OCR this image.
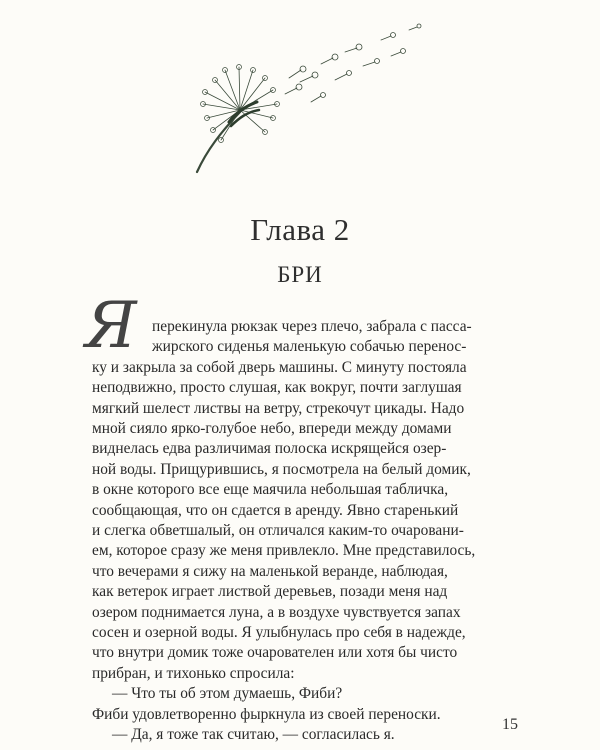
Глава 2
БРИ
Я перекинула рюкзак через плечо, забрала с пасса-
жирского сиденья маленькую собачью перенос-
ку и закрыла за собой дверь машины. С минуту постояла
неподвижно, просто слушая, как вокруг, почти заглушая
мягкий шелест листвы на ветру, стрекочут цикады. Надо
мной сияло ярко-голубое небо, впереди между домами
виднелась едва различимая полоска искрящейся озер-
ной воды. Прищурившись, я посмотрела на белый домик,
в окне которого все еще маячила небольшая табличка,
сообщающая, что он сдается в аренду. Явно старенький
и слегка обветшалый, он отличался каким-то очаровани-
ем, которое сразу же меня привлекло. Мне представилось,
что вечерами я сижу на маленькой веранде, наблюдая,
как ветерок играет листвой деревьев, позади меня над
озером поднимается луна, а в воздухе чувствуется запах
сосен и озерной воды. Я улыбнулась про себя в надежде,
что внутри домик тоже очарователен или хотя бы чисто
прибран, и тихонько спросила:
— Что ты об этом думаешь, Фиби?
Фиби удовлетворенно фыркнула из своей переноски.
— Да, я тоже так считаю, — согласилась я.
15
